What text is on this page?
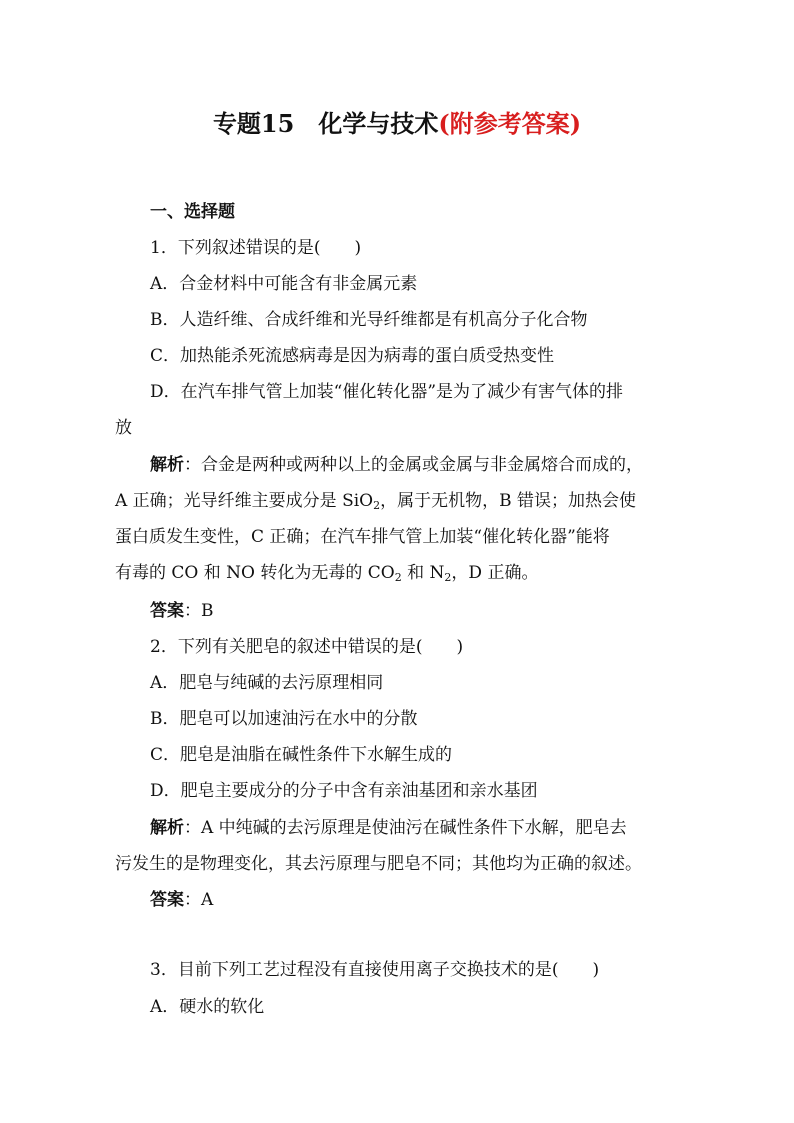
专题15　化学与技术(附参考答案)
一、选择题
1．下列叙述错误的是(　　)
A．合金材料中可能含有非金属元素
B．人造纤维、合成纤维和光导纤维都是有机高分子化合物
C．加热能杀死流感病毒是因为病毒的蛋白质受热变性
D．在汽车排气管上加装“催化转化器”是为了减少有害气体的排
放
解析：合金是两种或两种以上的金属或金属与非金属熔合而成的，
A 正确；光导纤维主要成分是 SiO$_2$，属于无机物，B 错误；加热会使
蛋白质发生变性，C 正确；在汽车排气管上加装“催化转化器”能将
有毒的 CO 和 NO 转化为无毒的 $CO_2$ 和 $N_2$，D 正确。
答案：B
2．下列有关肥皂的叙述中错误的是(　　)
A．肥皂与纯碱的去污原理相同
B．肥皂可以加速油污在水中的分散
C．肥皂是油脂在碱性条件下水解生成的
D．肥皂主要成分的分子中含有亲油基团和亲水基团
解析：A 中纯碱的去污原理是使油污在碱性条件下水解，肥皂去
污发生的是物理变化，其去污原理与肥皂不同；其他均为正确的叙述。
答案：A
3．目前下列工艺过程没有直接使用离子交换技术的是(　　)
A．硬水的软化
